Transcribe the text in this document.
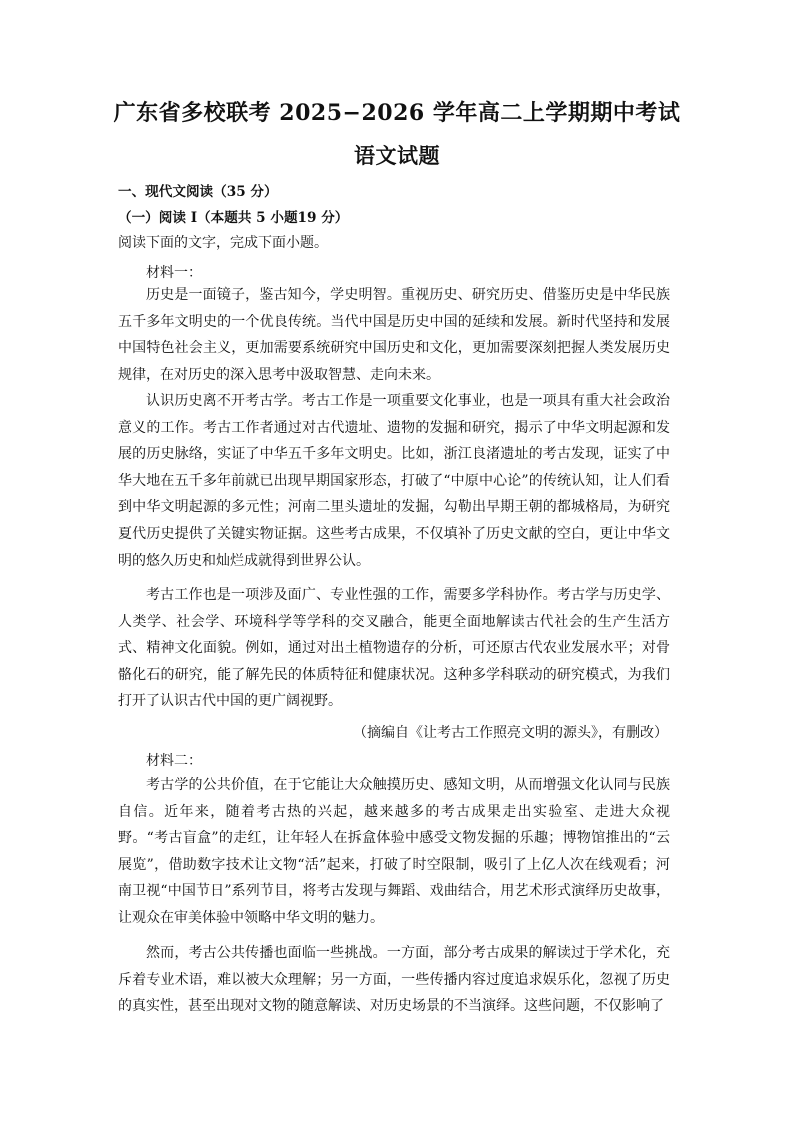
广东省多校联考 2025−2026 学年高二上学期期中考试
语文试题
一、现代文阅读（35 分）
（一）阅读 I（本题共 5 小题19 分）
阅读下面的文字，完成下面小题。
材料一：

历史是一面镜子，鉴古知今，学史明智。重视历史、研究历史、借鉴历史是中华民族五千多年文明史的一个优良传统。当代中国是历史中国的延续和发展。新时代坚持和发展中国特色社会主义，更加需要系统研究中国历史和文化，更加需要深刻把握人类发展历史规律，在对历史的深入思考中汲取智慧、走向未来。

认识历史离不开考古学。考古工作是一项重要文化事业，也是一项具有重大社会政治意义的工作。考古工作者通过对古代遗址、遗物的发掘和研究，揭示了中华文明起源和发展的历史脉络，实证了中华五千多年文明史。比如，浙江良渚遗址的考古发现，证实了中华大地在五千多年前就已出现早期国家形态，打破了“中原中心论”的传统认知，让人们看到中华文明起源的多元性；河南二里头遗址的发掘，勾勒出早期王朝的都城格局，为研究夏代历史提供了关键实物证据。这些考古成果，不仅填补了历史文献的空白，更让中华文明的悠久历史和灿烂成就得到世界公认。

考古工作也是一项涉及面广、专业性强的工作，需要多学科协作。考古学与历史学、人类学、社会学、环境科学等学科的交叉融合，能更全面地解读古代社会的生产生活方式、精神文化面貌。例如，通过对出土植物遗存的分析，可还原古代农业发展水平；对骨骼化石的研究，能了解先民的体质特征和健康状况。这种多学科联动的研究模式，为我们打开了认识古代中国的更广阔视野。

（摘编自《让考古工作照亮文明的源头》，有删改）
材料二：

考古学的公共价值，在于它能让大众触摸历史、感知文明，从而增强文化认同与民族自信。近年来，随着考古热的兴起，越来越多的考古成果走出实验室、走进大众视野。“考古盲盒”的走红，让年轻人在拆盒体验中感受文物发掘的乐趣；博物馆推出的“云展览”，借助数字技术让文物“活”起来，打破了时空限制，吸引了上亿人次在线观看；河南卫视“中国节日”系列节目，将考古发现与舞蹈、戏曲结合，用艺术形式演绎历史故事，让观众在审美体验中领略中华文明的魅力。

然而，考古公共传播也面临一些挑战。一方面，部分考古成果的解读过于学术化，充斥着专业术语，难以被大众理解；另一方面，一些传播内容过度追求娱乐化，忽视了历史的真实性，甚至出现对文物的随意解读、对历史场景的不当演绎。这些问题，不仅影响了
